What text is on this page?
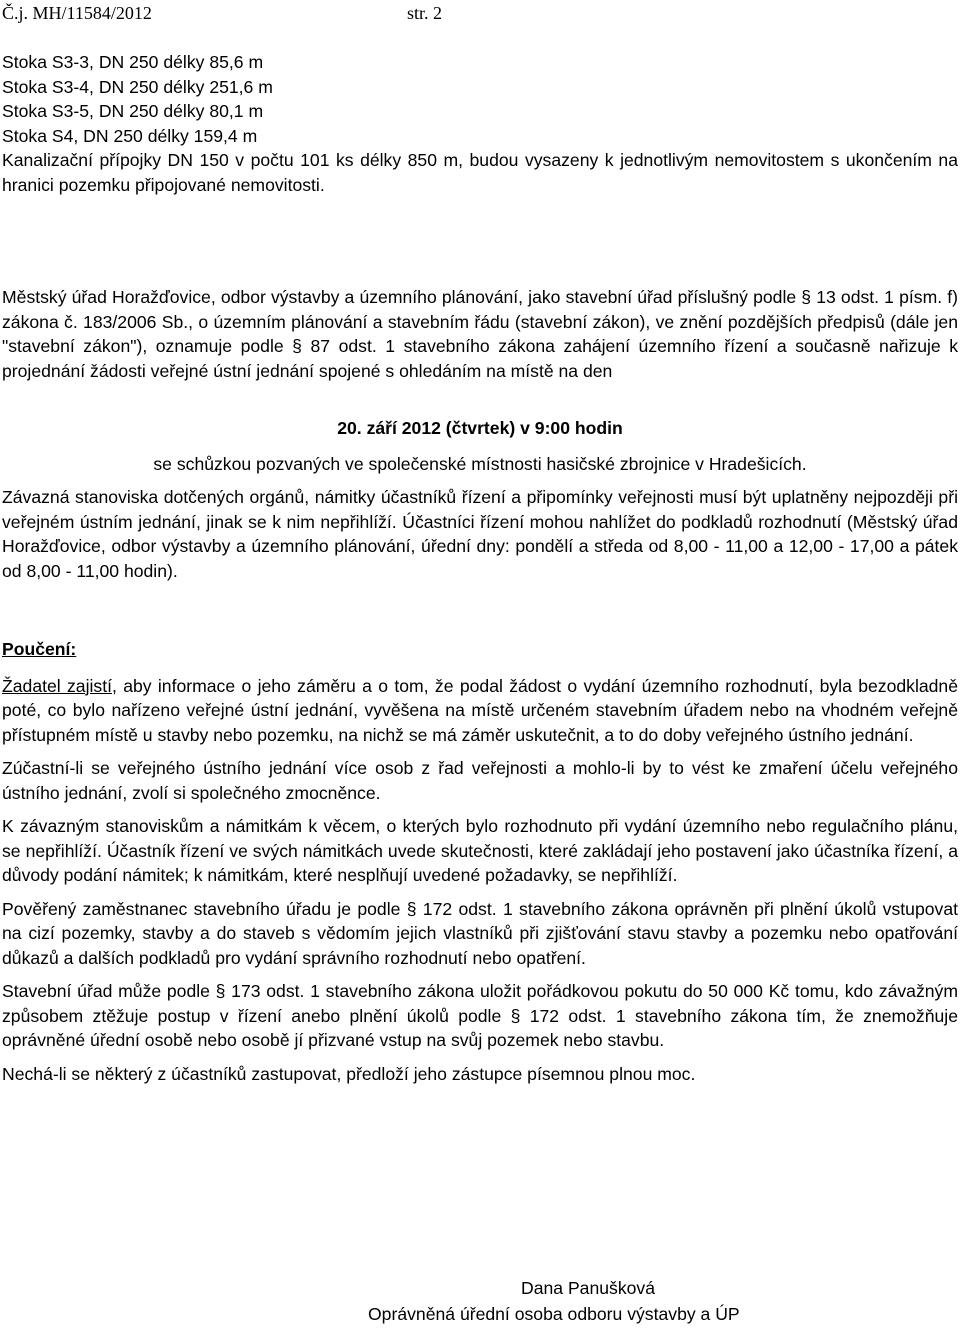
Č.j. MH/11584/2012	str. 2

Stoka S3-3, DN 250 délky 85,6 m

Stoka S3-4, DN 250 délky 251,6 m

Stoka S3-5, DN 250 délky 80,1 m

Stoka S4, DN 250 délky 159,4 m

Kanalizační přípojky DN 150 v počtu 101 ks délky 850 m, budou vysazeny k jednotlivým nemovitostem s ukončením na hranici pozemku připojované nemovitosti.

Městský úřad Horažďovice, odbor výstavby a územního plánování, jako stavební úřad příslušný podle § 13 odst. 1 písm. f) zákona č. 183/2006 Sb., o územním plánování a stavebním řádu (stavební zákon), ve znění pozdějších předpisů (dále jen "stavební zákon"), oznamuje podle § 87 odst. 1 stavebního zákona zahájení územního řízení a současně nařizuje k projednání žádosti veřejné ústní jednání spojené s ohledáním na místě na den

20. září 2012 (čtvrtek) v 9:00 hodin

se schůzkou pozvaných ve společenské místnosti hasičské zbrojnice v Hradešicích.

Závazná stanoviska dotčených orgánů, námitky účastníků řízení a připomínky veřejnosti musí být uplatněny nejpozději při veřejném ústním jednání, jinak se k nim nepřihlíží. Účastníci řízení mohou nahlížet do podkladů rozhodnutí (Městský úřad Horažďovice, odbor výstavby a územního plánování, úřední dny: pondělí a středa od 8,00 - 11,00 a 12,00 - 17,00 a pátek od 8,00 - 11,00 hodin).

Poučení:

Žadatel zajistí, aby informace o jeho záměru a o tom, že podal žádost o vydání územního rozhodnutí, byla bezodkladně poté, co bylo nařízeno veřejné ústní jednání, vyvěšena na místě určeném stavebním úřadem nebo na vhodném veřejně přístupném místě u stavby nebo pozemku, na nichž se má záměr uskutečnit, a to do doby veřejného ústního jednání.

Zúčastní-li se veřejného ústního jednání více osob z řad veřejnosti a mohlo-li by to vést ke zmaření účelu veřejného ústního jednání, zvolí si společného zmocněnce.

K závazným stanoviskům a námitkám k věcem, o kterých bylo rozhodnuto při vydání územního nebo regulačního plánu, se nepřihlíží. Účastník řízení ve svých námitkách uvede skutečnosti, které zakládají jeho postavení jako účastníka řízení, a důvody podání námitek; k námitkám, které nesplňují uvedené požadavky, se nepřihlíží.

Pověřený zaměstnanec stavebního úřadu je podle § 172 odst. 1 stavebního zákona oprávněn při plnění úkolů vstupovat na cizí pozemky, stavby a do staveb s vědomím jejich vlastníků při zjišťování stavu stavby a pozemku nebo opatřování důkazů a dalších podkladů pro vydání správního rozhodnutí nebo opatření.

Stavební úřad může podle § 173 odst. 1 stavebního zákona uložit pořádkovou pokutu do 50 000 Kč tomu, kdo závažným způsobem ztěžuje postup v řízení anebo plnění úkolů podle § 172 odst. 1 stavebního zákona tím, že znemožňuje oprávněné úřední osobě nebo osobě jí přizvané vstup na svůj pozemek nebo stavbu.

Nechá-li se některý z účastníků zastupovat, předloží jeho zástupce písemnou plnou moc.

Dana Panušková

Oprávněná úřední osoba odboru výstavby a ÚP
